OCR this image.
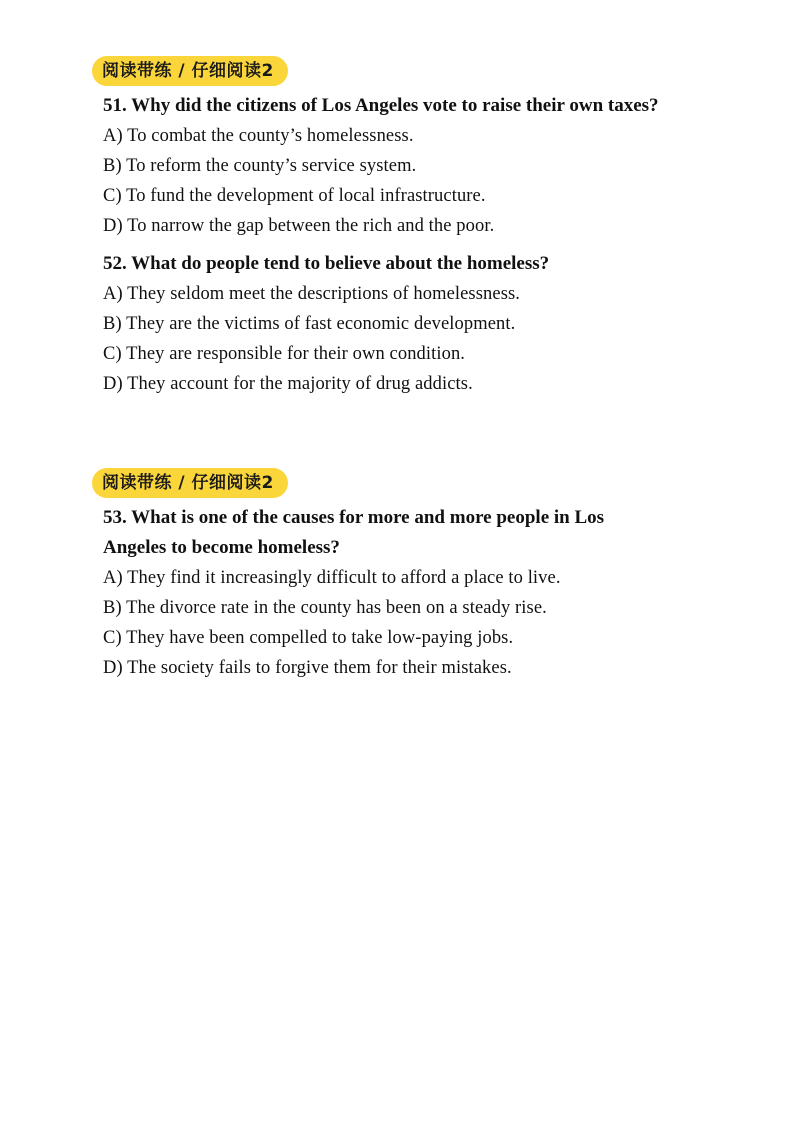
阅读带练 / 仔细阅读2

51. Why did the citizens of Los Angeles vote to raise their own taxes?

A) To combat the county’s homelessness.

B) To reform the county’s service system.

C) To fund the development of local infrastructure.

D) To narrow the gap between the rich and the poor.

52. What do people tend to believe about the homeless?

A) They seldom meet the descriptions of homelessness.

B) They are the victims of fast economic development.

C) They are responsible for their own condition.

D) They account for the majority of drug addicts.

阅读带练 / 仔细阅读2

53. What is one of the causes for more and more people in Los

Angeles to become homeless?

A) They find it increasingly difficult to afford a place to live.

B) The divorce rate in the county has been on a steady rise.

C) They have been compelled to take low-paying jobs.

D) The society fails to forgive them for their mistakes.
